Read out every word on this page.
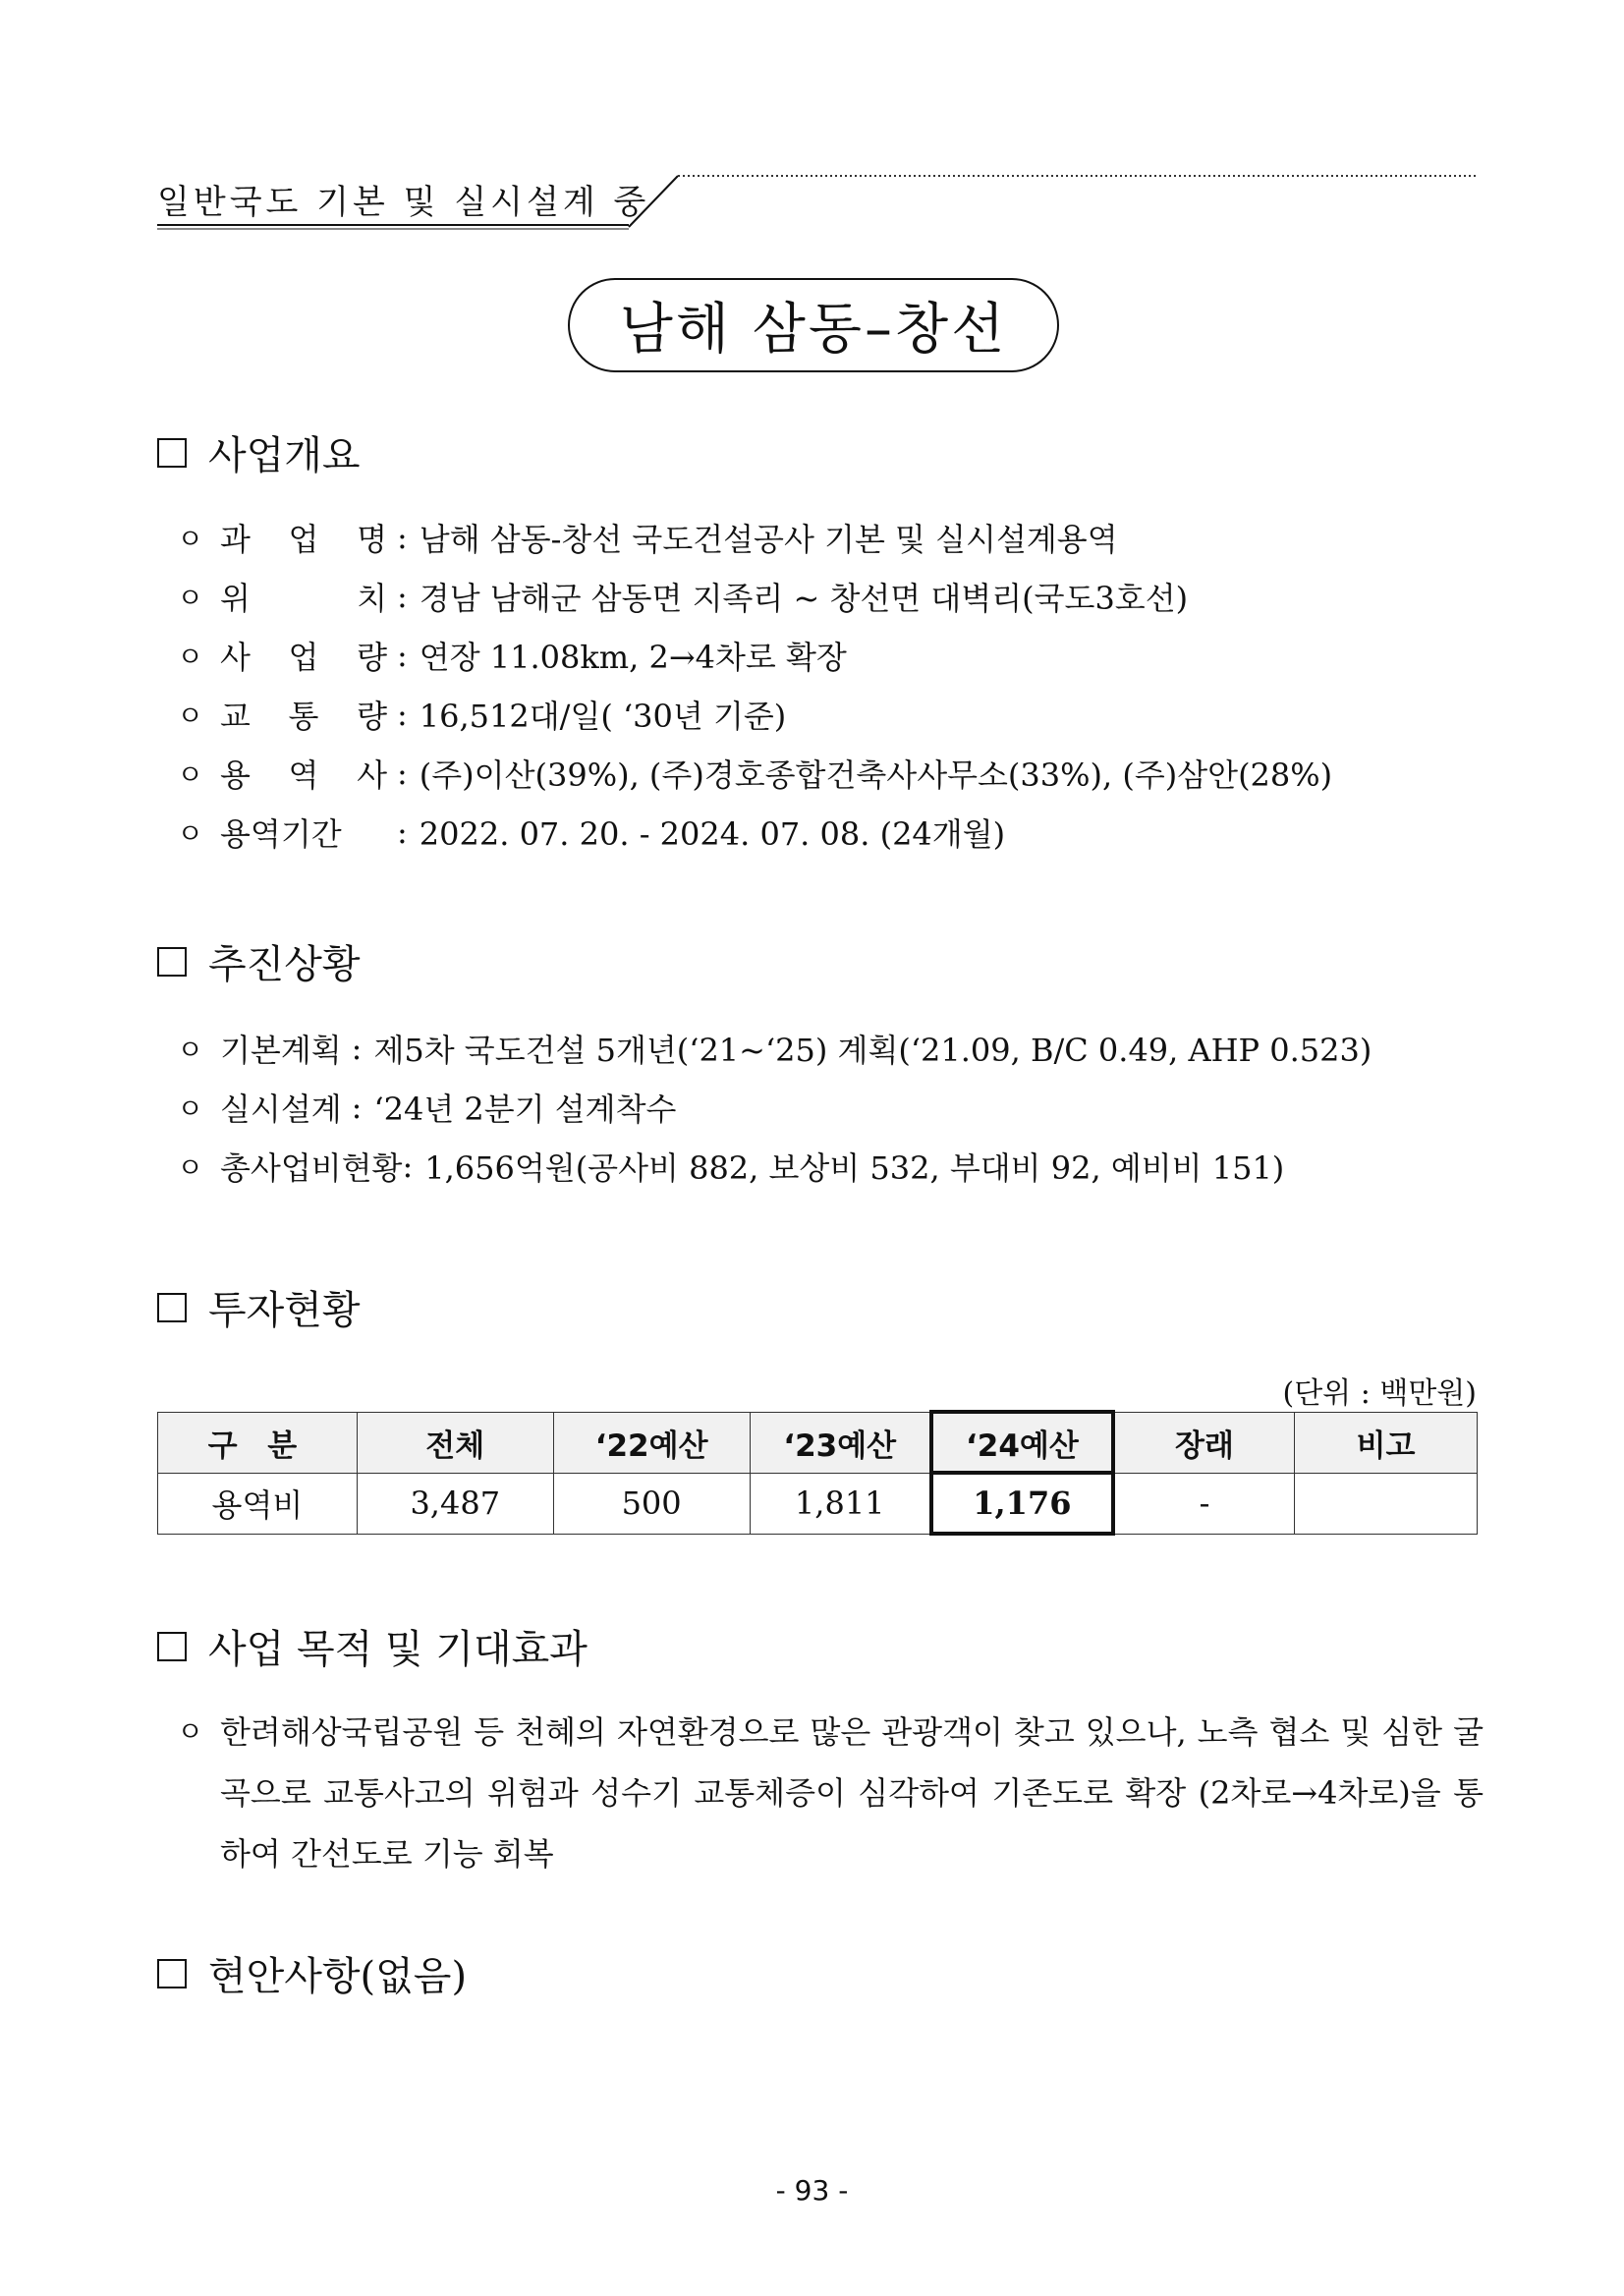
일반국도 기본 및 실시설계 중
남해 삼동–창선
사업개요
ㅇ 과 업 명 : 남해 삼동-창선 국도건설공사 기본 및 실시설계용역
ㅇ 위	치 : 경남 남해군 삼동면 지족리 ~ 창선면 대벽리(국도3호선)
ㅇ 사 업 량 : 연장 11.08km, 2→4차로 확장
ㅇ 교 통 량 : 16,512대/일( ‘30년 기준)
ㅇ 용 역 사 : (주)이산(39%), (주)경호종합건축사사무소(33%), (주)삼안(28%)
ㅇ 용역기간 : 2022. 07. 20. - 2024. 07. 08. (24개월)
추진상황
ㅇ 기본계획 : 제5차 국도건설 5개년(‘21~‘25) 계획(‘21.09, B/C 0.49, AHP 0.523)
ㅇ 실시설계 : ‘24년 2분기 설계착수
ㅇ 총사업비현황 : 1,656억원(공사비 882, 보상비 532, 부대비 92, 예비비 151)
투자현황
(단위 : 백만원)
구 분	전체	‘22예산	‘23예산	‘24예산	장래	비고
용역비	3,487	500	1,811	1,176	-	
사업 목적 및 기대효과
ㅇ 한려해상국립공원 등 천혜의 자연환경으로 많은 관광객이 찾고 있으나, 노측 협소 및 심한 굴곡으로 교통사고의 위험과 성수기 교통체증이 심각하여 기존도로 확장 (2차로→4차로)을 통하여 간선도로 기능 회복
현안사항(없음)
- 93 -
